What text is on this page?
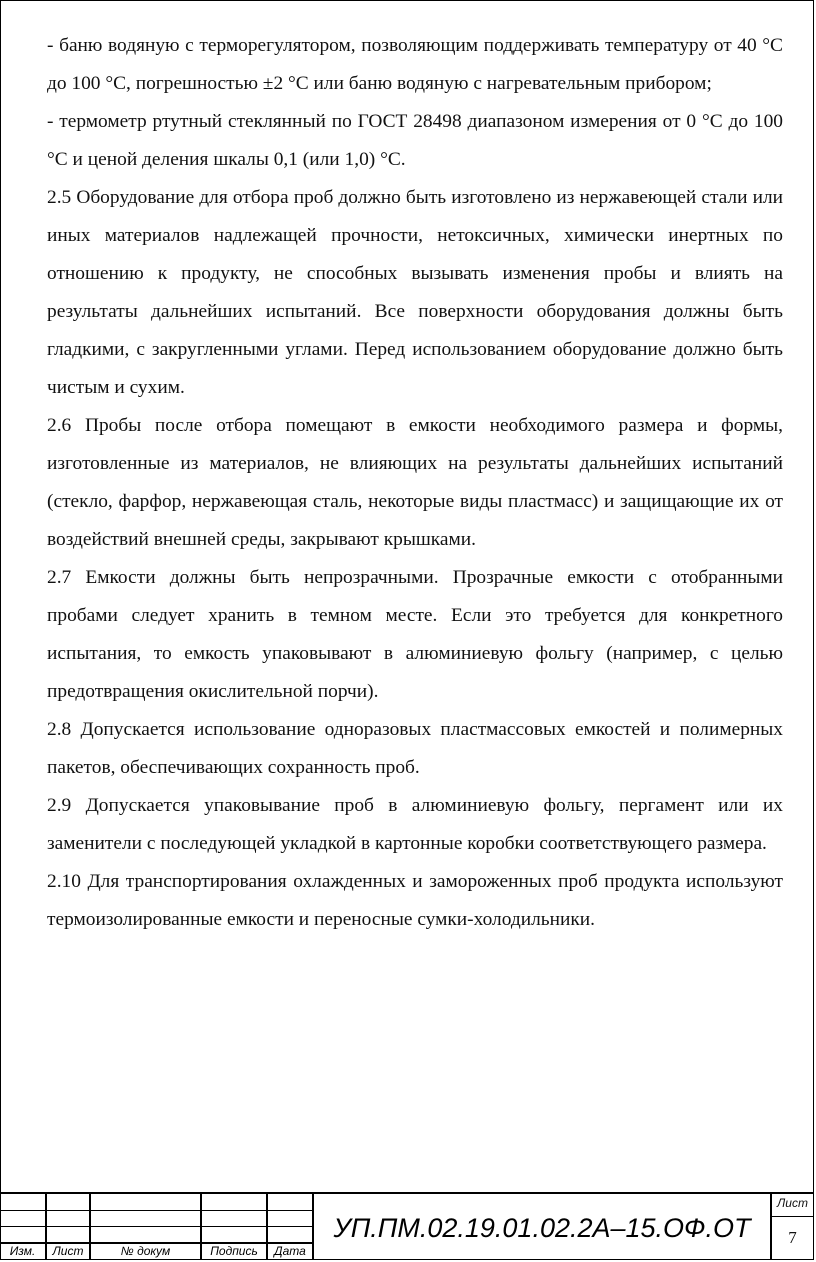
- баню водяную с терморегулятором, позволяющим поддерживать температуру от 40 °С до 100 °С, погрешностью ±2 °С или баню водяную с нагревательным прибором;

- термометр ртутный стеклянный по ГОСТ 28498 диапазоном измерения от 0 °С до 100 °С и ценой деления шкалы 0,1 (или 1,0) °С.

2.5 Оборудование для отбора проб должно быть изготовлено из нержавеющей стали или иных материалов надлежащей прочности, нетоксичных, химически инертных по отношению к продукту, не способных вызывать изменения пробы и влиять на результаты дальнейших испытаний. Все поверхности оборудования должны быть гладкими, с закругленными углами. Перед использованием оборудование должно быть чистым и сухим.

2.6 Пробы после отбора помещают в емкости необходимого размера и формы, изготовленные из материалов, не влияющих на результаты дальнейших испытаний (стекло, фарфор, нержавеющая сталь, некоторые виды пластмасс) и защищающие их от воздействий внешней среды, закрывают крышками.

2.7 Емкости должны быть непрозрачными. Прозрачные емкости с отобранными пробами следует хранить в темном месте. Если это требуется для конкретного испытания, то емкость упаковывают в алюминиевую фольгу (например, с целью предотвращения окислительной порчи).

2.8 Допускается использование одноразовых пластмассовых емкостей и полимерных пакетов, обеспечивающих сохранность проб.

2.9 Допускается упаковывание проб в алюминиевую фольгу, пергамент или их заменители с последующей укладкой в картонные коробки соответствующего размера.

2.10 Для транспортирования охлажденных и замороженных проб продукта используют термоизолированные емкости и переносные сумки-холодильники.

Изм.	Лист	№ докум	Подпись	Дата
УП.ПМ.02.19.01.02.2А–15.ОФ.ОТ
Лист
7
